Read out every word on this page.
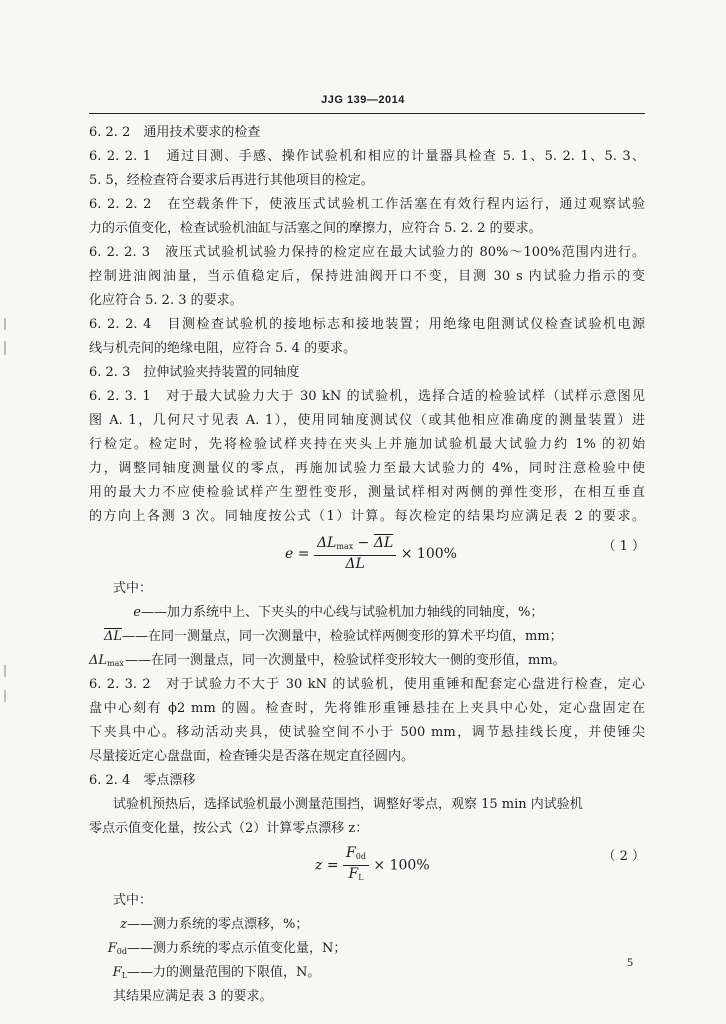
JJG 139—2014
6. 2. 2　通用技术要求的检查
6. 2. 2. 1　通过目测、手感、操作试验机和相应的计量器具检查 5. 1、5. 2. 1、5. 3、
5. 5，经检查符合要求后再进行其他项目的检定。
6. 2. 2. 2　在空载条件下，使液压式试验机工作活塞在有效行程内运行，通过观察试验
力的示值变化，检查试验机油缸与活塞之间的摩擦力，应符合 5. 2. 2 的要求。
6. 2. 2. 3　液压式试验机试验力保持的检定应在最大试验力的 80%～100%范围内进行。
控制进油阀油量，当示值稳定后，保持进油阀开口不变，目测 30 s 内试验力指示的变
化应符合 5. 2. 3 的要求。
6. 2. 2. 4　目测检查试验机的接地标志和接地装置；用绝缘电阻测试仪检查试验机电源
线与机壳间的绝缘电阻，应符合 5. 4 的要求。
6. 2. 3　拉伸试验夹持装置的同轴度
6. 2. 3. 1　对于最大试验力大于 30 kN 的试验机，选择合适的检验试样（试样示意图见
图 A. 1，几何尺寸见表 A. 1），使用同轴度测试仪（或其他相应准确度的测量装置）进
行检定。检定时，先将检验试样夹持在夹头上并施加试验机最大试验力约 1% 的初始
力，调整同轴度测量仪的零点，再施加试验力至最大试验力的 4%，同时注意检验中使
用的最大力不应使检验试样产生塑性变形，测量试样相对两侧的弹性变形，在相互垂直
的方向上各测 3 次。同轴度按公式（1）计算。每次检定的结果均应满足表 2 的要求。
$e = \frac{\Delta L_{max} - \overline{\Delta L}}{\Delta L} \times 100\%$	（ 1 ）
式中：
e——加力系统中上、下夹头的中心线与试验机加力轴线的同轴度，%；
$\overline{\Delta L}——$在同一测量点，同一次测量中，检验试样两侧变形的算术平均值，mm；
$\Delta L_{max}——$在同一测量点，同一次测量中，检验试样变形较大一侧的变形值，mm。
6. 2. 3. 2　对于试验力不大于 30 kN 的试验机，使用重锤和配套定心盘进行检查，定心
盘中心刻有 ϕ2 mm 的圆。检查时，先将锥形重锤悬挂在上夹具中心处，定心盘固定在
下夹具中心。移动活动夹具，使试验空间不小于 500 mm，调节悬挂线长度，并使锤尖
尽量接近定心盘盘面，检查锤尖是否落在规定直径圆内。
6. 2. 4　零点漂移
试验机预热后，选择试验机最小测量范围挡，调整好零点，观察 15 min 内试验机
零点示值变化量，按公式（2）计算零点漂移 z：
$z = \frac{F_{0d}}{F_L} \times 100\%$
（ 2 ）
式中：
z——测力系统的零点漂移，%；
$F_{0d}——$测力系统的零点示值变化量，N；
$F_L——$力的测量范围的下限值，N。
其结果应满足表 3 的要求。
5
